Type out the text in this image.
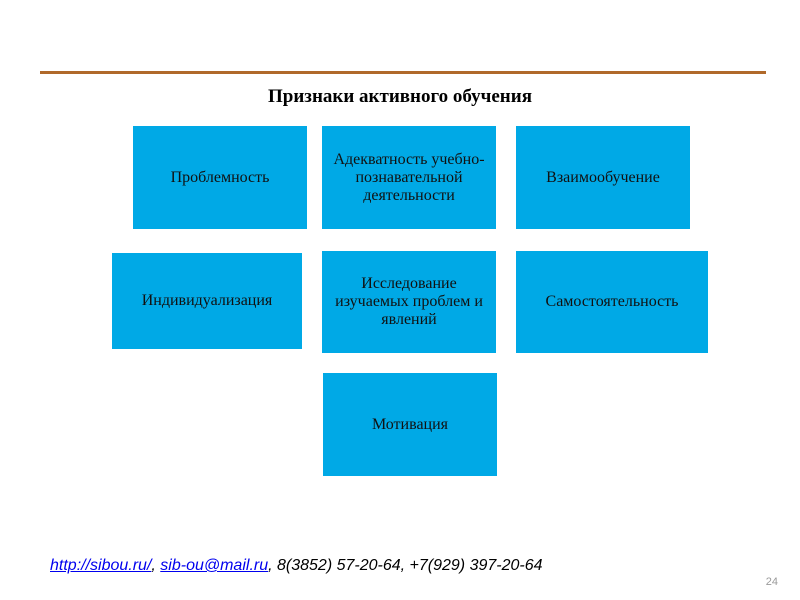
Признаки активного обучения
Проблемность
Адекватность учебно-познавательной деятельности
Взаимообучение
Индивидуализация
Исследование изучаемых проблем и явлений
Самостоятельность
Мотивация
http://sibou.ru/, sib-ou@mail.ru, 8(3852) 57-20-64, +7(929) 397-20-64
24
